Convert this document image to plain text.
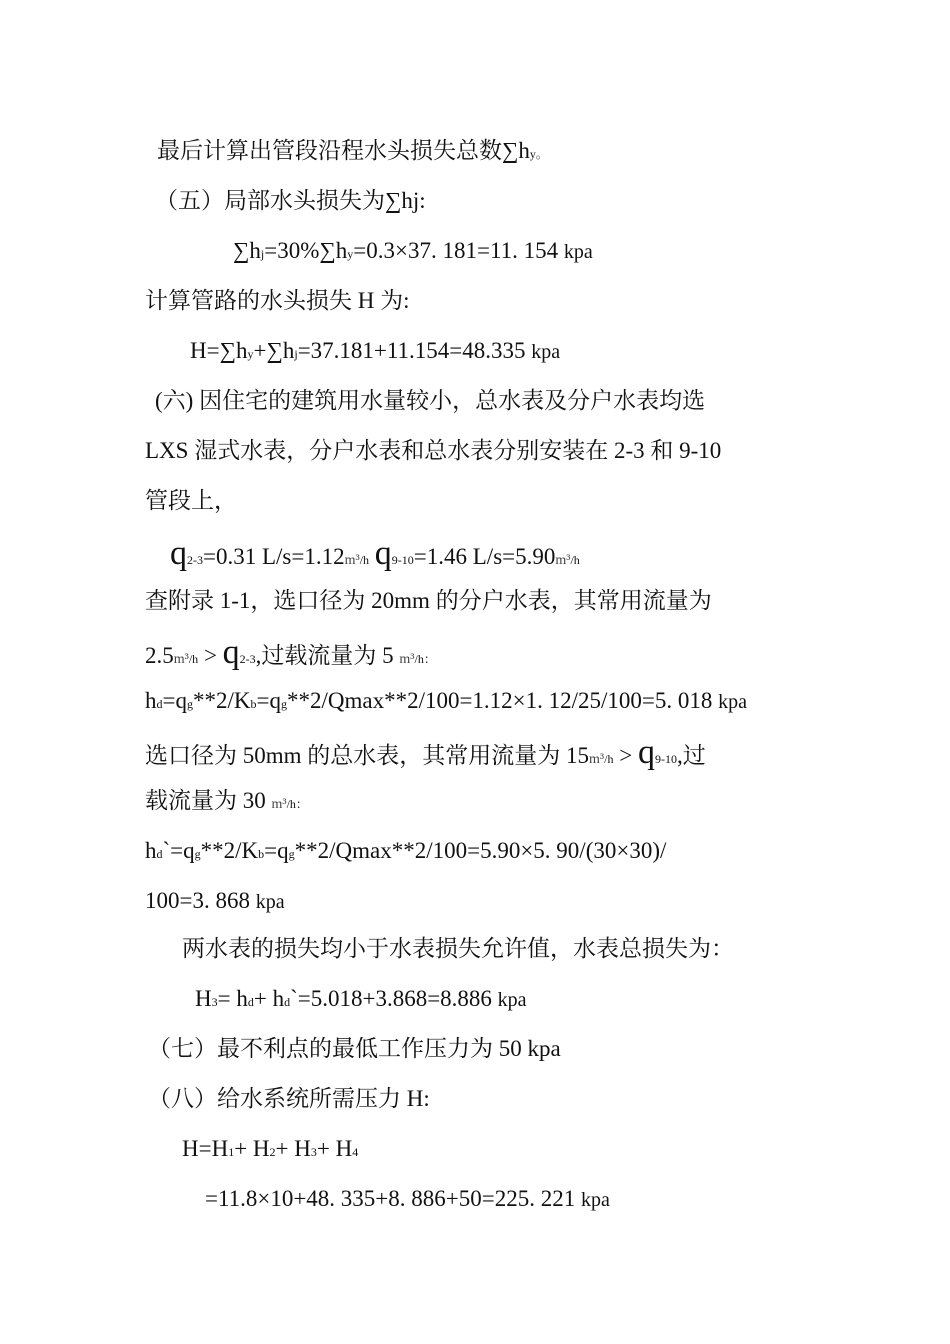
最后计算出管段沿程水头损失总数∑hy。
（五）局部水头损失为∑hj:
∑hj=30%∑hy=0.3×37. 181=11. 154 kpa
计算管路的水头损失 H 为:
H=∑hy+∑hj=37.181+11.154=48.335 kpa
(六) 因住宅的建筑用水量较小，总水表及分户水表均选
LXS 湿式水表，分户水表和总水表分别安装在 2-3 和 9-10
管段上，
q2-3=0.31 L/s=1.12m³/h q9-10=1.46 L/s=5.90m³/h
查附录 1-1，选口径为 20mm 的分户水表，其常用流量为
2.5m³/h > q2-3,过载流量为 5 m³/h：
hd=qg**2/Kb=qg**2/Qmax**2/100=1.12×1. 12/25/100=5. 018 kpa
选口径为 50mm 的总水表，其常用流量为 15m³/h > q9-10,过
载流量为 30 m³/h：
hd`=qg**2/Kb=qg**2/Qmax**2/100=5.90×5. 90/(30×30)/
100=3. 868 kpa
两水表的损失均小于水表损失允许值，水表总损失为：
H3= hd+ hd`=5.018+3.868=8.886 kpa
（七）最不利点的最低工作压力为 50 kpa
（八）给水系统所需压力 H:
H=H1+ H2+ H3+ H4
=11.8×10+48. 335+8. 886+50=225. 221 kpa
